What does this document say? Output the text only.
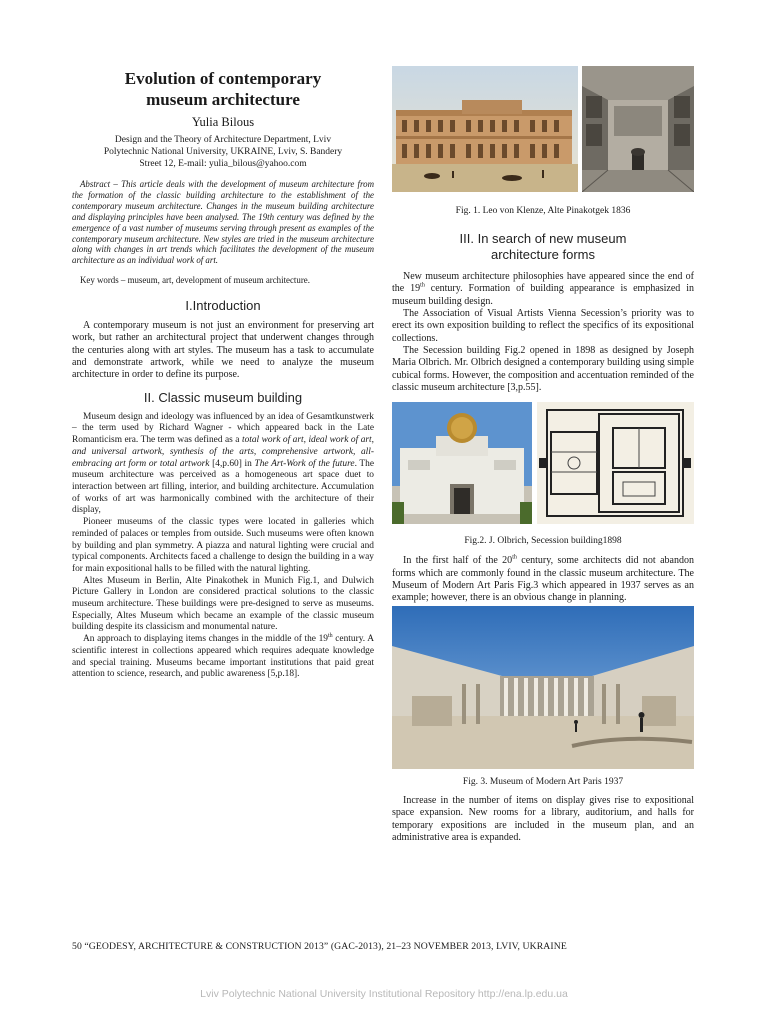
Evolution of contemporary
museum architecture
Yulia Bilous
Design and the Theory of Architecture Department, Lviv
Polytechnic National University, UKRAINE, Lviv, S. Bandery
Street 12, E-mail: yulia_bilous@yahoo.com

Abstract – This article deals with the development of museum architecture from the formation of the classic building architecture to the establishment of the contemporary museum architecture. Changes in the museum building architecture and displaying principles have been analysed. The 19th century was defined by the emergence of a vast number of museums serving through present as examples of the contemporary museum architecture. New styles are tried in the museum architecture along with changes in art trends which facilitates the development of the museum architecture as an individual work of art.

Key words – museum, art, development of museum architecture.

I.Introduction

A contemporary museum is not just an environment for preserving art work, but rather an architectural project that underwent changes through the centuries along with art styles. The museum has a task to accumulate and demonstrate artwork, while we need to analyze the museum architecture in order to define its purpose.

II. Classic museum building

Museum design and ideology was influenced by an idea of Gesamtkunstwerk – the term used by Richard Wagner - which appeared back in the Late Romanticism era. The term was defined as a total work of art, ideal work of art, and universal artwork, synthesis of the arts, comprehensive artwork, all-embracing art form or total artwork [4,p.60] in The Art-Work of the future. The museum architecture was perceived as a homogeneous art space duet to interaction between art filling, interior, and building architecture. Accumulation of works of art was harmonically combined with the architecture of their display,

Pioneer museums of the classic types were located in galleries which reminded of palaces or temples from outside. Such museums were often known by building and plan symmetry. A piazza and natural lighting were crucial and typical components. Architects faced a challenge to design the building in a way for main expositional halls to be filled with the natural lighting.

Altes Museum in Berlin, Alte Pinakothek in Munich Fig.1, and Dulwich Picture Gallery in London are considered practical solutions to the classic museum architecture. These buildings were pre-designed to serve as museums. Especially, Altes Museum which became an example of the classic museum building despite its classicism and monumental nature.

An approach to displaying items changes in the middle of the 19th century. A scientific interest in collections appeared which requires adequate knowledge and special training. Museums became important institutions that paid great attention to science, research, and public awareness [5,p.18].

Fig. 1. Leo von Klenze, Alte Pinakotgek 1836
III. In search of new museum
architecture forms

New museum architecture philosophies have appeared since the end of the 19th century. Formation of building appearance is emphasized in museum building design.

The Association of Visual Artists Vienna Secession’s priority was to erect its own exposition building to reflect the specifics of its expositional collections.

The Secession building Fig.2 opened in 1898 as designed by Joseph Maria Olbrich. Mr. Olbrich designed a contemporary building using simple cubical forms. However, the composition and accentuation reminded of the classic museum architecture [3,p.55].

Fig.2. J. Olbrich, Secession building1898

In the first half of the 20th century, some architects did not abandon forms which are commonly found in the classic museum architecture. The Museum of Modern Art Paris Fig.3 which appeared in 1937 serves as an example; however, there is an obvious change in planning.

Fig. 3. Museum of Modern Art Paris 1937

Increase in the number of items on display gives rise to expositional space expansion. New rooms for a library, auditorium, and halls for temporary expositions are included in the museum plan, and an administrative area is expanded.

50 “GEODESY, ARCHITECTURE & CONSTRUCTION 2013” (GAC-2013), 21–23 NOVEMBER 2013, LVIV, UKRAINE
Lviv Polytechnic National University Institutional Repository http://ena.lp.edu.ua
